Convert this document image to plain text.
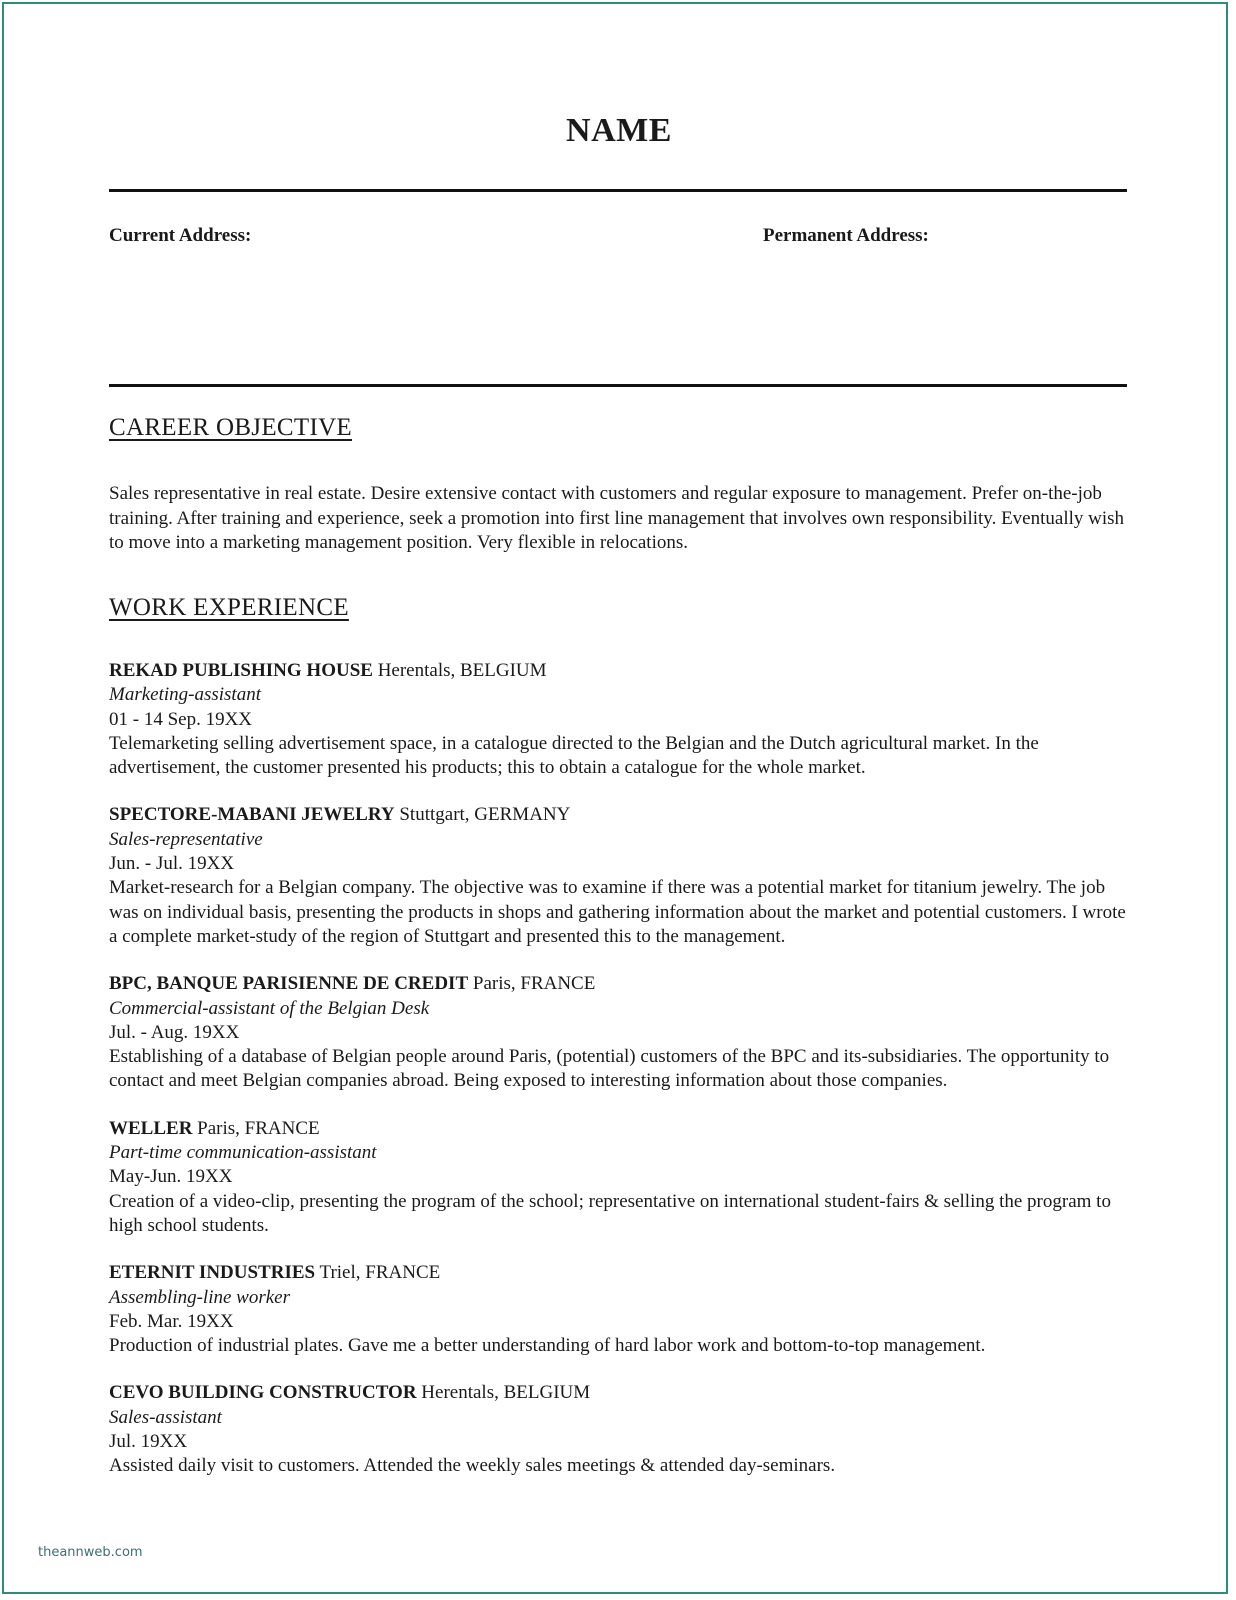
NAME
Current Address:	Permanent Address:
CAREER OBJECTIVE
Sales representative in real estate. Desire extensive contact with customers and regular exposure to management. Prefer on-the-job training. After training and experience, seek a promotion into first line management that involves own responsibility. Eventually wish to move into a marketing management position. Very flexible in relocations.
WORK EXPERIENCE
REKAD PUBLISHING HOUSE Herentals, BELGIUM
Marketing-assistant
01 - 14 Sep. 19XX
Telemarketing selling advertisement space, in a catalogue directed to the Belgian and the Dutch agricultural market. In the advertisement, the customer presented his products; this to obtain a catalogue for the whole market.
SPECTORE-MABANI JEWELRY Stuttgart, GERMANY
Sales-representative
Jun. - Jul. 19XX
Market-research for a Belgian company. The objective was to examine if there was a potential market for titanium jewelry. The job was on individual basis, presenting the products in shops and gathering information about the market and potential customers. I wrote a complete market-study of the region of Stuttgart and presented this to the management.
BPC, BANQUE PARISIENNE DE CREDIT Paris, FRANCE
Commercial-assistant of the Belgian Desk
Jul. - Aug. 19XX
Establishing of a database of Belgian people around Paris, (potential) customers of the BPC and its-subsidiaries. The opportunity to contact and meet Belgian companies abroad. Being exposed to interesting information about those companies.
WELLER Paris, FRANCE
Part-time communication-assistant
May-Jun. 19XX
Creation of a video-clip, presenting the program of the school; representative on international student-fairs & selling the program to high school students.
ETERNIT INDUSTRIES Triel, FRANCE
Assembling-line worker
Feb. Mar. 19XX
Production of industrial plates. Gave me a better understanding of hard labor work and bottom-to-top management.
CEVO BUILDING CONSTRUCTOR Herentals, BELGIUM
Sales-assistant
Jul. 19XX
Assisted daily visit to customers. Attended the weekly sales meetings & attended day-seminars.
theannweb.com
